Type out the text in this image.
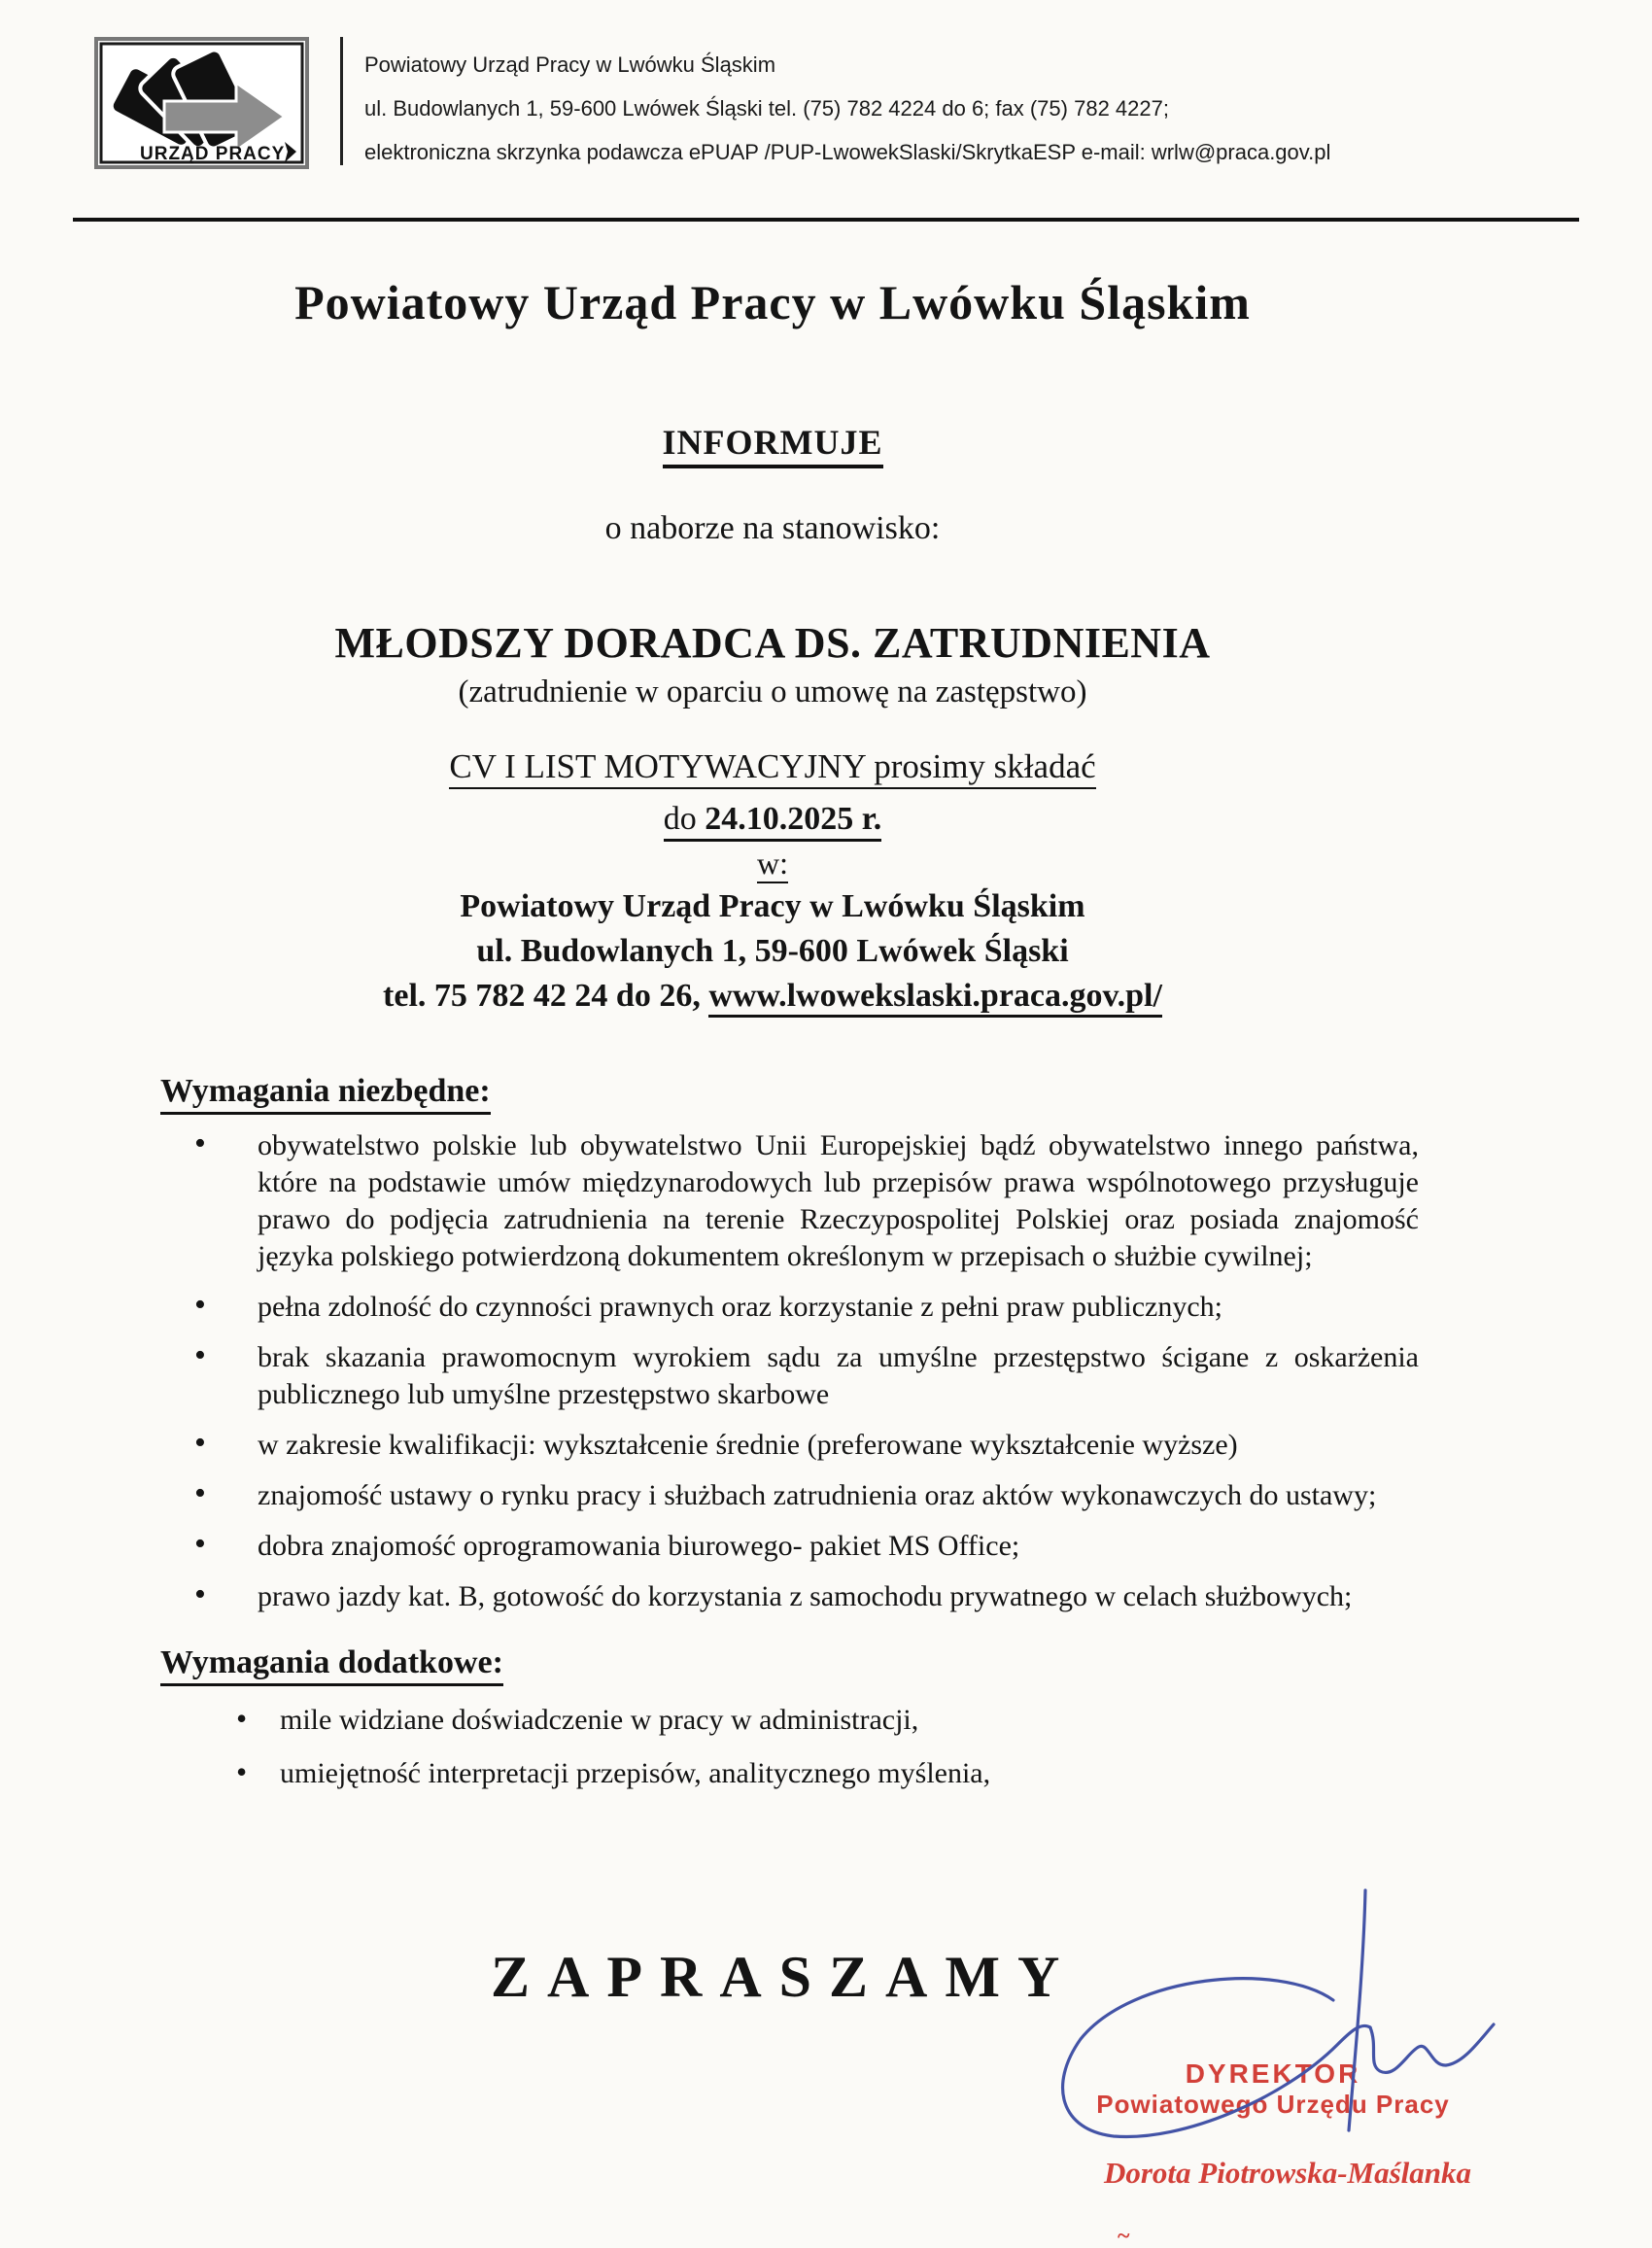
URZĄD PRACY
Powiatowy Urząd Pracy w Lwówku Śląskim
ul. Budowlanych 1, 59-600 Lwówek Śląski tel. (75) 782 4224 do 6; fax (75) 782 4227;
elektroniczna skrzynka podawcza ePUAP /PUP-LwowekSlaski/SkrytkaESP e-mail: wrlw@praca.gov.pl
Powiatowy Urząd Pracy w Lwówku Śląskim
INFORMUJE
o naborze na stanowisko:
MŁODSZY DORADCA DS. ZATRUDNIENIA
(zatrudnienie w oparciu o umowę na zastępstwo)
CV I LIST MOTYWACYJNY prosimy składać
do 24.10.2025 r.
w:
Powiatowy Urząd Pracy w Lwówku Śląskim
ul. Budowlanych 1, 59-600 Lwówek Śląski
tel. 75 782 42 24 do 26, www.lwowekslaski.praca.gov.pl/
Wymagania niezbędne:
• obywatelstwo polskie lub obywatelstwo Unii Europejskiej bądź obywatelstwo innego państwa, które na podstawie umów międzynarodowych lub przepisów prawa wspólnotowego przysługuje prawo do podjęcia zatrudnienia na terenie Rzeczypospolitej Polskiej oraz posiada znajomość języka polskiego potwierdzoną dokumentem określonym w przepisach o służbie cywilnej;
• pełna zdolność do czynności prawnych oraz korzystanie z pełni praw publicznych;
• brak skazania prawomocnym wyrokiem sądu za umyślne przestępstwo ścigane z oskarżenia publicznego lub umyślne przestępstwo skarbowe
• w zakresie kwalifikacji: wykształcenie średnie (preferowane wykształcenie wyższe)
• znajomość ustawy o rynku pracy i służbach zatrudnienia oraz aktów wykonawczych do ustawy;
• dobra znajomość oprogramowania biurowego- pakiet MS Office;
• prawo jazdy kat. B, gotowość do korzystania z samochodu prywatnego w celach służbowych;
Wymagania dodatkowe:
• mile widziane doświadczenie w pracy w administracji,
• umiejętność interpretacji przepisów, analitycznego myślenia,
ZAPRASZAMY
DYREKTOR
Powiatowego Urzędu Pracy
Dorota Piotrowska-Maślanka
~
